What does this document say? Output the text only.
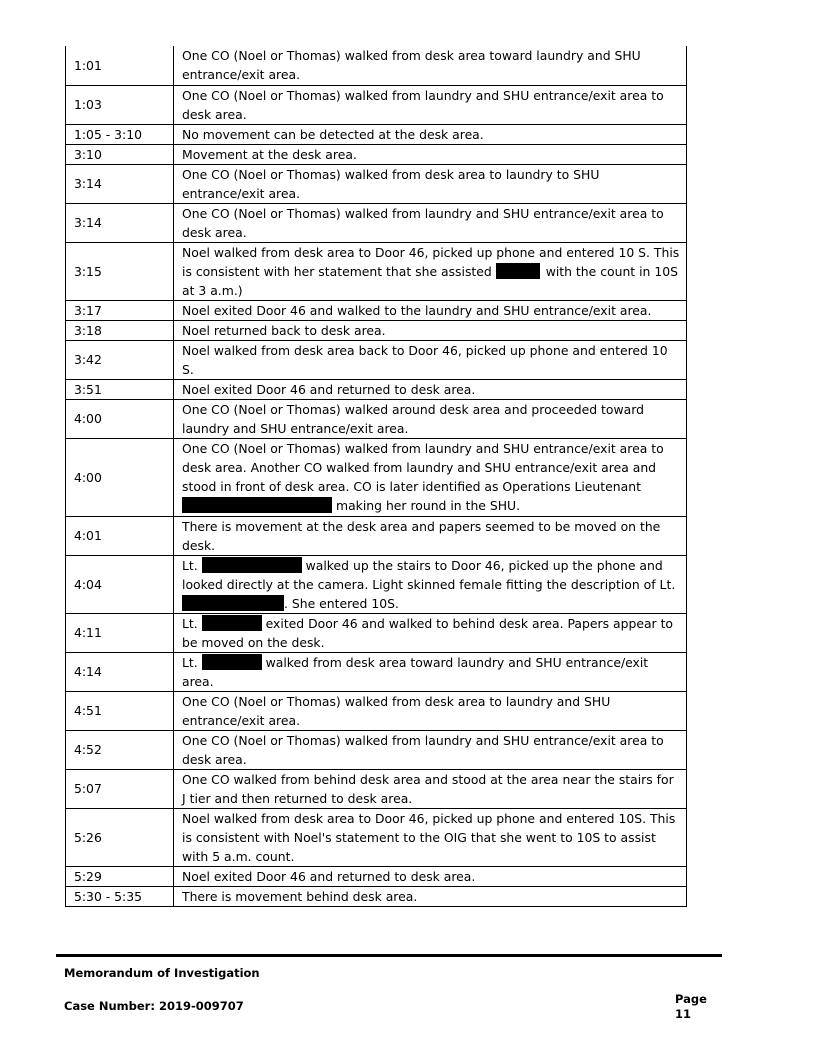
1:01	One CO (Noel or Thomas) walked from desk area toward laundry and SHU entrance/exit area.
1:03	One CO (Noel or Thomas) walked from laundry and SHU entrance/exit area to desk area.
1:05 - 3:10	No movement can be detected at the desk area.
3:10	Movement at the desk area.
3:14	One CO (Noel or Thomas) walked from desk area to laundry to SHU entrance/exit area.
3:14	One CO (Noel or Thomas) walked from laundry and SHU entrance/exit area to desk area.
3:15	Noel walked from desk area to Door 46, picked up phone and entered 10 S. This is consistent with her statement that she assisted with the count in 10S at 3 a.m.)
3:17	Noel exited Door 46 and walked to the laundry and SHU entrance/exit area.
3:18	Noel returned back to desk area.
3:42	Noel walked from desk area back to Door 46, picked up phone and entered 10 S.
3:51	Noel exited Door 46 and returned to desk area.
4:00	One CO (Noel or Thomas) walked around desk area and proceeded toward laundry and SHU entrance/exit area.
4:00	One CO (Noel or Thomas) walked from laundry and SHU entrance/exit area to desk area. Another CO walked from laundry and SHU entrance/exit area and stood in front of desk area. CO is later identified as Operations Lieutenant making her round in the SHU.
4:01	There is movement at the desk area and papers seemed to be moved on the desk.
4:04	Lt. walked up the stairs to Door 46, picked up the phone and looked directly at the camera. Light skinned female fitting the description of Lt. . She entered 10S.
4:11	Lt. exited Door 46 and walked to behind desk area. Papers appear to be moved on the desk.
4:14	Lt. walked from desk area toward laundry and SHU entrance/exit area.
4:51	One CO (Noel or Thomas) walked from desk area to laundry and SHU entrance/exit area.
4:52	One CO (Noel or Thomas) walked from laundry and SHU entrance/exit area to desk area.
5:07	One CO walked from behind desk area and stood at the area near the stairs for J tier and then returned to desk area.
5:26	Noel walked from desk area to Door 46, picked up phone and entered 10S. This is consistent with Noel's statement to the OIG that she went to 10S to assist with 5 a.m. count.
5:29	Noel exited Door 46 and returned to desk area.
5:30 - 5:35	There is movement behind desk area.
Memorandum of Investigation
Case Number: 2019-009707	Page
11
